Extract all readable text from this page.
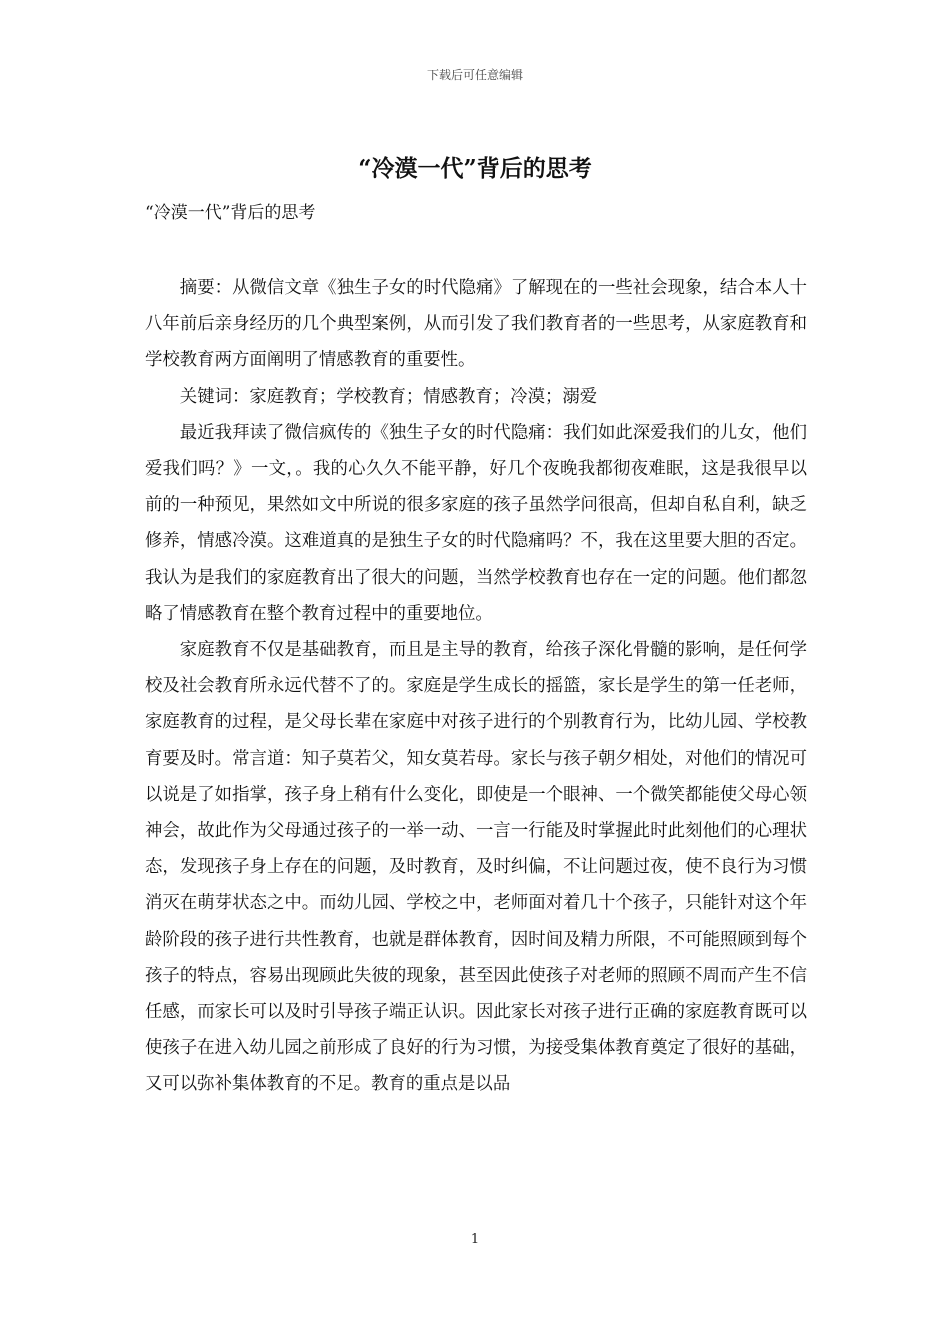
下载后可任意编辑
“冷漠一代”背后的思考

“冷漠一代”背后的思考

摘要：从微信文章《独生子女的时代隐痛》了解现在的一些社会现象，结合本人十八年前后亲身经历的几个典型案例，从而引发了我们教育者的一些思考，从家庭教育和学校教育两方面阐明了情感教育的重要性。

关键词：家庭教育；学校教育；情感教育；冷漠；溺爱

最近我拜读了微信疯传的《独生子女的时代隐痛：我们如此深爱我们的儿女，他们爱我们吗？》一文，。我的心久久不能平静，好几个夜晚我都彻夜难眠，这是我很早以前的一种预见，果然如文中所说的很多家庭的孩子虽然学问很高，但却自私自利，缺乏修养，情感冷漠。这难道真的是独生子女的时代隐痛吗？不，我在这里要大胆的否定。我认为是我们的家庭教育出了很大的问题，当然学校教育也存在一定的问题。他们都忽略了情感教育在整个教育过程中的重要地位。

家庭教育不仅是基础教育，而且是主导的教育，给孩子深化骨髓的影响，是任何学校及社会教育所永远代替不了的。家庭是学生成长的摇篮，家长是学生的第一任老师，家庭教育的过程，是父母长辈在家庭中对孩子进行的个别教育行为，比幼儿园、学校教育要及时。常言道：知子莫若父，知女莫若母。家长与孩子朝夕相处，对他们的情况可以说是了如指掌，孩子身上稍有什么变化，即使是一个眼神、一个微笑都能使父母心领神会，故此作为父母通过孩子的一举一动、一言一行能及时掌握此时此刻他们的心理状态，发现孩子身上存在的问题，及时教育，及时纠偏，不让问题过夜，使不良行为习惯消灭在萌芽状态之中。而幼儿园、学校之中，老师面对着几十个孩子，只能针对这个年龄阶段的孩子进行共性教育，也就是群体教育，因时间及精力所限，不可能照顾到每个孩子的特点，容易出现顾此失彼的现象，甚至因此使孩子对老师的照顾不周而产生不信任感，而家长可以及时引导孩子端正认识。因此家长对孩子进行正确的家庭教育既可以使孩子在进入幼儿园之前形成了良好的行为习惯，为接受集体教育奠定了很好的基础，又可以弥补集体教育的不足。教育的重点是以品

1
